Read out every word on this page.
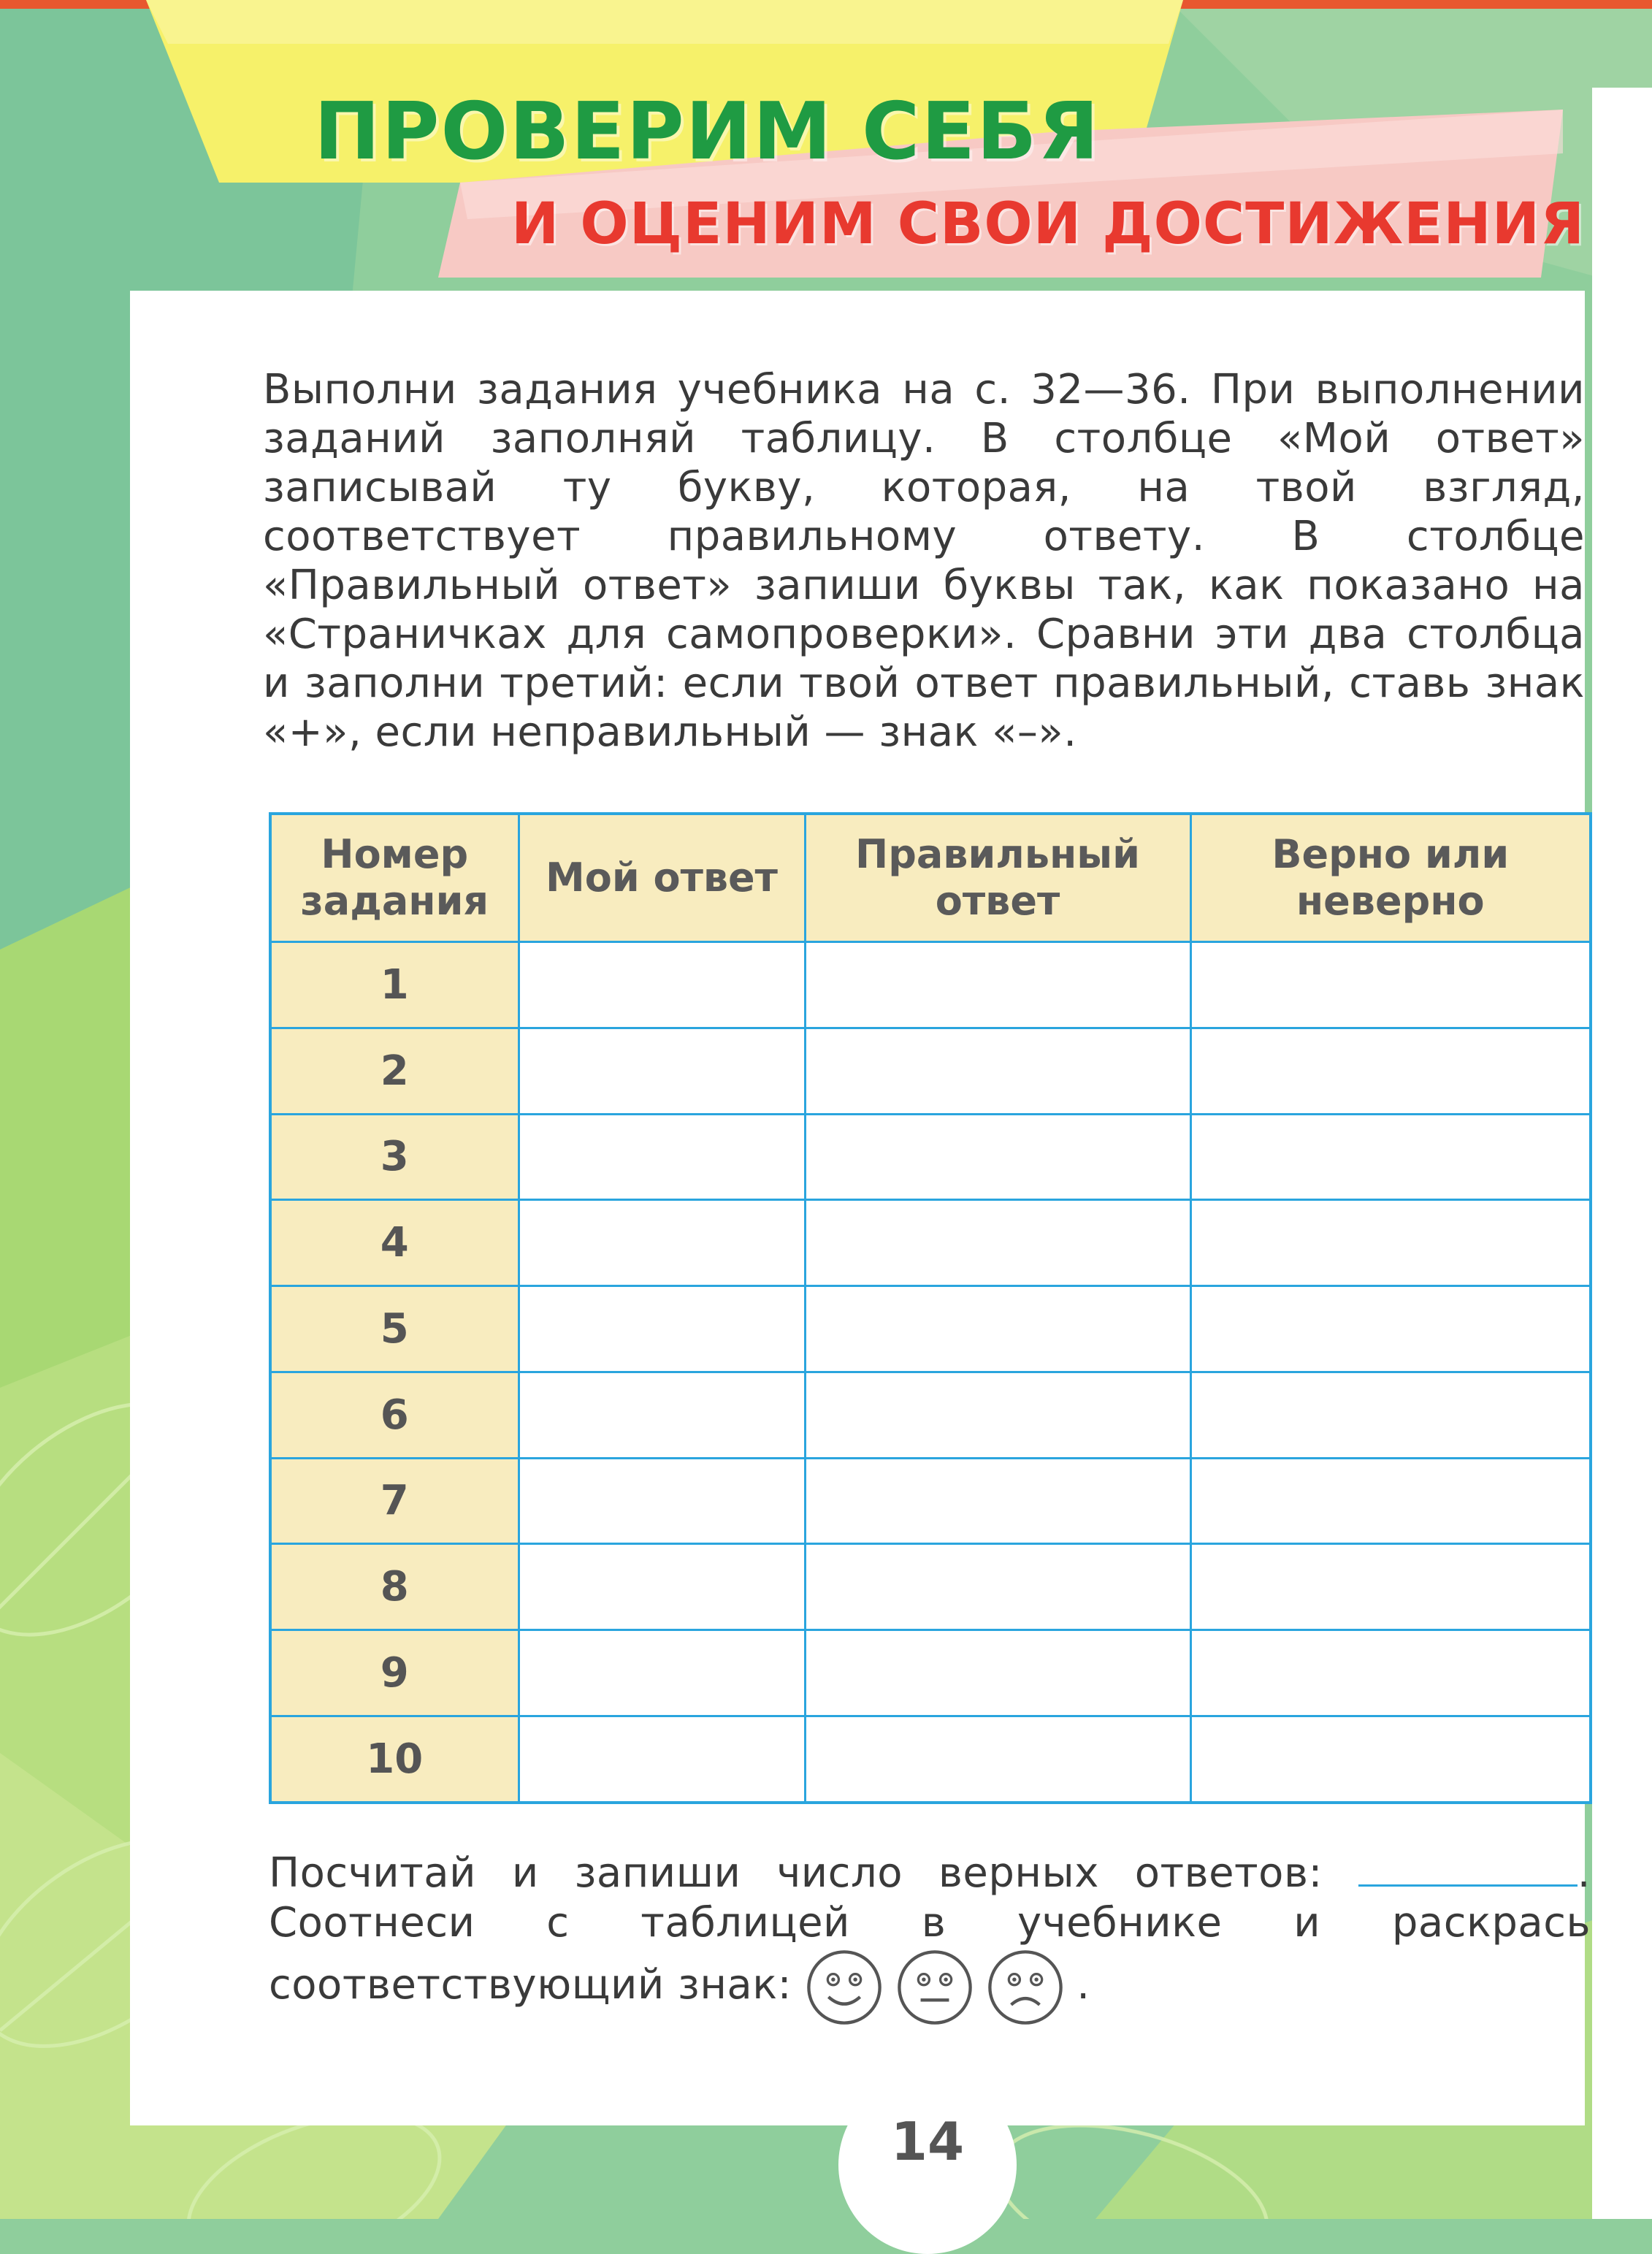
ПРОВЕРИМ СЕБЯ
И ОЦЕНИМ СВОИ ДОСТИЖЕНИЯ

Выполни задания учебника на с. 32—36. При выполнении заданий заполняй таблицу. В столбце «Мой ответ» записывай ту букву, которая, на твой взгляд, соответствует правильному ответу. В столбце «Правильный ответ» запиши буквы так, как показано на «Страничках для самопроверки». Сравни эти два столбца и заполни третий: если твой ответ правильный, ставь знак «+», если неправильный — знак «–».

Номер задания	Мой ответ	Правильный ответ	Верно или неверно
1			
2			
3			
4			
5			
6			
7			
8			
9			
10			

Посчитай и запиши число верных ответов:	. Соотнеси с таблицей в учебнике и раскрась соответствующий знак:	.

14
